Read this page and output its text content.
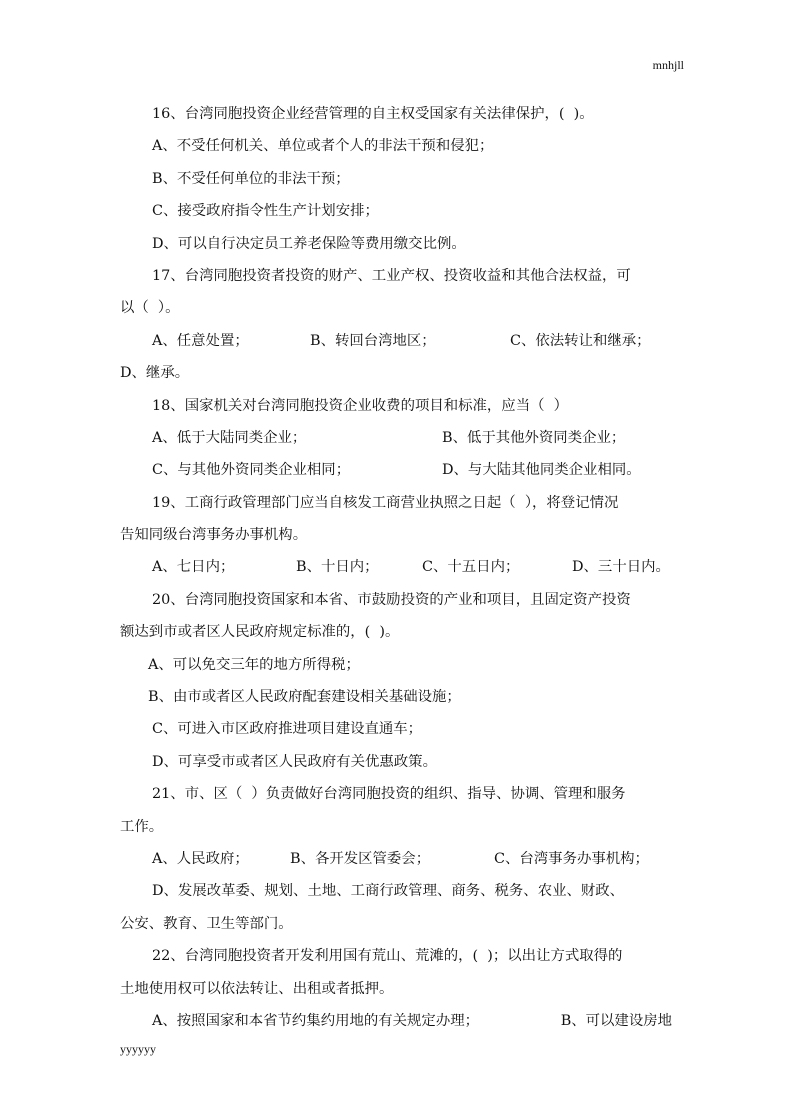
mnhjll
16、台湾同胞投资企业经营管理的自主权受国家有关法律保护，(  )。
A、不受任何机关、单位或者个人的非法干预和侵犯；
B、不受任何单位的非法干预；
C、接受政府指令性生产计划安排；
D、可以自行决定员工养老保险等费用缴交比例。
17、台湾同胞投资者投资的财产、工业产权、投资收益和其他合法权益，可
以（  ）。
A、任意处置；	B、转回台湾地区；	C、依法转让和继承；
D、继承。
18、国家机关对台湾同胞投资企业收费的项目和标准，应当（  ）
A、低于大陆同类企业；	B、低于其他外资同类企业；
C、与其他外资同类企业相同；	D、与大陆其他同类企业相同。
19、工商行政管理部门应当自核发工商营业执照之日起（  ），将登记情况
告知同级台湾事务办事机构。
A、七日内；	B、十日内；	C、十五日内；	D、三十日内。
20、台湾同胞投资国家和本省、市鼓励投资的产业和项目，且固定资产投资
额达到市或者区人民政府规定标准的，(  )。
A、可以免交三年的地方所得税；
B、由市或者区人民政府配套建设相关基础设施；
C、可进入市区政府推进项目建设直通车；
D、可享受市或者区人民政府有关优惠政策。
21、市、区（  ）负责做好台湾同胞投资的组织、指导、协调、管理和服务
工作。
A、人民政府；	B、各开发区管委会；	C、台湾事务办事机构；
D、发展改革委、规划、土地、工商行政管理、商务、税务、农业、财政、
公安、教育、卫生等部门。
22、台湾同胞投资者开发利用国有荒山、荒滩的，(  )；以出让方式取得的
土地使用权可以依法转让、出租或者抵押。
A、按照国家和本省节约集约用地的有关规定办理；	B、可以建设房地
yyyyyy
